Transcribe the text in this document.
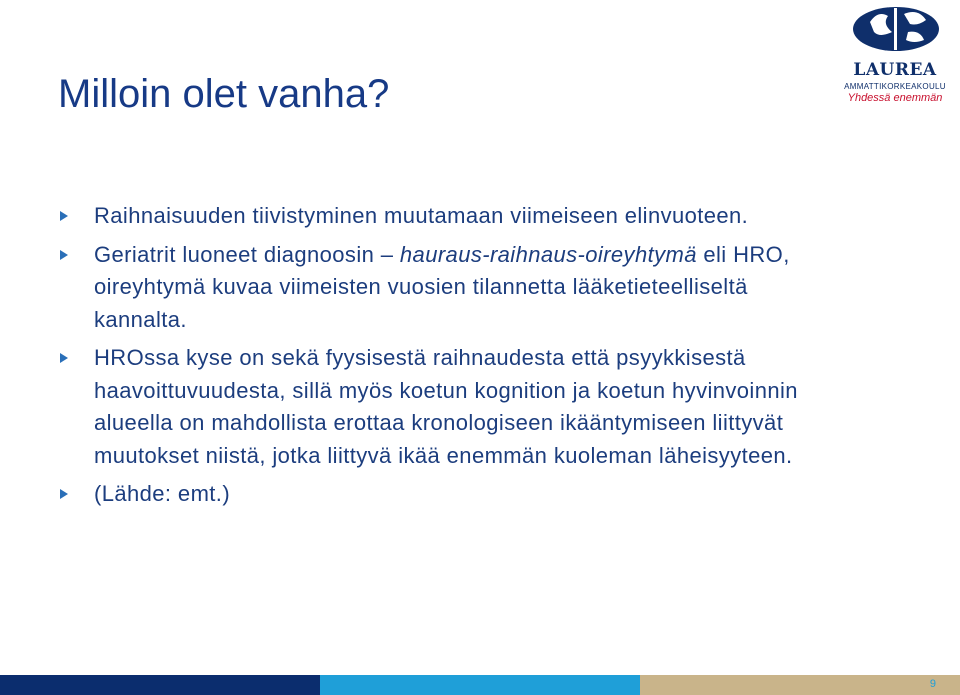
Milloin olet vanha?
LAUREA
AMMATTIKORKEAKOULU
Yhdessä enemmän
Raihnaisuuden tiivistyminen muutamaan viimeiseen elinvuoteen.
Geriatrit luoneet diagnoosin – hauraus-raihnaus-oireyhtymä eli HRO, oireyhtymä kuvaa viimeisten vuosien tilannetta lääketieteelliseltä kannalta.
HROssa kyse on sekä fyysisestä raihnaudesta että psyykkisestä haavoittuvuudesta, sillä myös koetun kognition ja koetun hyvinvoinnin alueella on mahdollista erottaa kronologiseen ikääntymiseen liittyvät muutokset niistä, jotka liittyvä ikää enemmän kuoleman läheisyyteen.
(Lähde: emt.)
9
